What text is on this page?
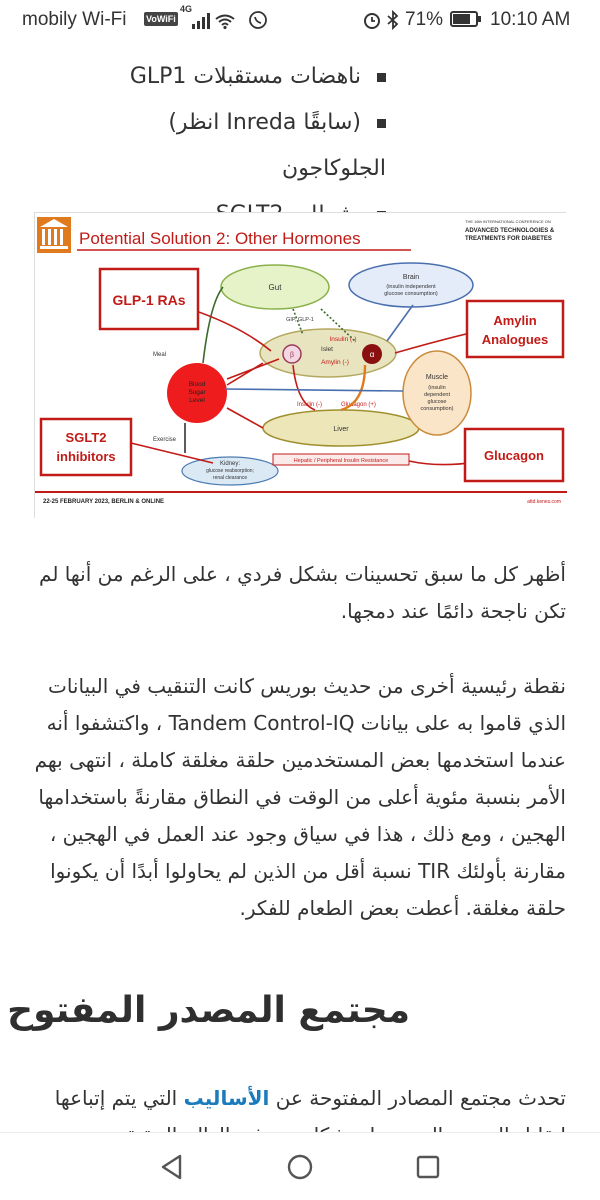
mobily Wi-Fi VoWiFi
4G	71% 10:10 AM
ناهضات مستقبلات GLP1
(سابقًا Inreda انظر) الجلوكاجون
Potential Solution 2: Other Hormones
THE 16th INTERNATIONAL CONFERENCE ON
ADVANCED TECHNOLOGIES &
TREATMENTS FOR DIABETES
Gut
Brain
(insulin independent
glucose consumption)
β	α
Islet
Insulin (-)
Amylin (-)
GIP, GLP-1
Blood
Sugar
Level
Liver
Muscle
(insulin
dependent
glucose
consumption)
Kidney:
glucose reabsorption;
renal clearance
Hepatic / Peripheral Insulin Resistance
Meal
Exercise
Insulin (-)	Glucagon (+)
GLP-1 RAs
Amylin
Analogues
SGLT2
inhibitors	Glucagon
22-25 FEBRUARY 2023, BERLIN & ONLINE	attd.kenes.com

أظهر كل ما سبق تحسينات بشكل فردي ، على الرغم من أنها لم تكن ناجحة دائمًا عند دمجها.

نقطة رئيسية أخرى من حديث بوريس كانت التنقيب في البيانات الذي قاموا به على بيانات Tandem Control-IQ ، واكتشفوا أنه عندما استخدمها بعض المستخدمين حلقة مغلقة كاملة ، انتهى بهم الأمر بنسبة مئوية أعلى من الوقت في النطاق مقارنةً باستخدامها الهجين ، ومع ذلك ، هذا في سياق وجود عند العمل في الهجين ، مقارنة بأولئك TIR نسبة أقل من الذين لم يحاولوا أبدًا أن يكونوا حلقة مغلقة. أعطت بعض الطعام للفكر.

مجتمع المصدر المفتوح

تحدث مجتمع المصادر المفتوحة عن الأساليب التي يتم إتباعها
